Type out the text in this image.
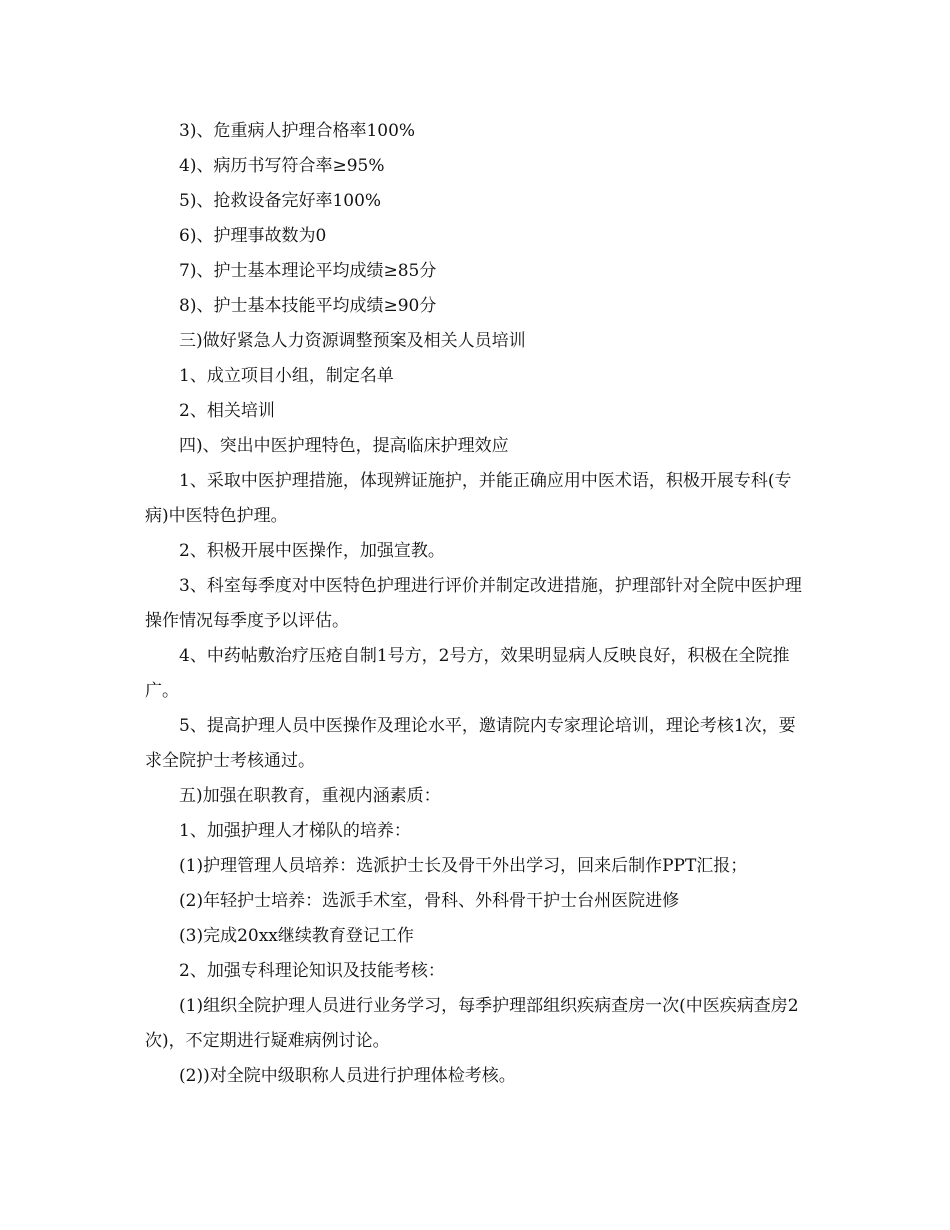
3)、危重病人护理合格率100%

4)、病历书写符合率≥95%

5)、抢救设备完好率100%

6)、护理事故数为0

7)、护士基本理论平均成绩≥85分

8)、护士基本技能平均成绩≥90分

三)做好紧急人力资源调整预案及相关人员培训

1、成立项目小组，制定名单

2、相关培训

四)、突出中医护理特色，提高临床护理效应

1、采取中医护理措施，体现辨证施护，并能正确应用中医术语，积极开展专科(专病)中医特色护理。

2、积极开展中医操作，加强宣教。

3、科室每季度对中医特色护理进行评价并制定改进措施，护理部针对全院中医护理操作情况每季度予以评估。

4、中药帖敷治疗压疮自制1号方，2号方，效果明显病人反映良好，积极在全院推广。

5、提高护理人员中医操作及理论水平，邀请院内专家理论培训，理论考核1次，要求全院护士考核通过。

五)加强在职教育，重视内涵素质：

1、加强护理人才梯队的培养：

(1)护理管理人员培养：选派护士长及骨干外出学习，回来后制作PPT汇报；

(2)年轻护士培养：选派手术室，骨科、外科骨干护士台州医院进修

(3)完成20xx继续教育登记工作

2、加强专科理论知识及技能考核：

(1)组织全院护理人员进行业务学习，每季护理部组织疾病查房一次(中医疾病查房2次)，不定期进行疑难病例讨论。

(2))对全院中级职称人员进行护理体检考核。
